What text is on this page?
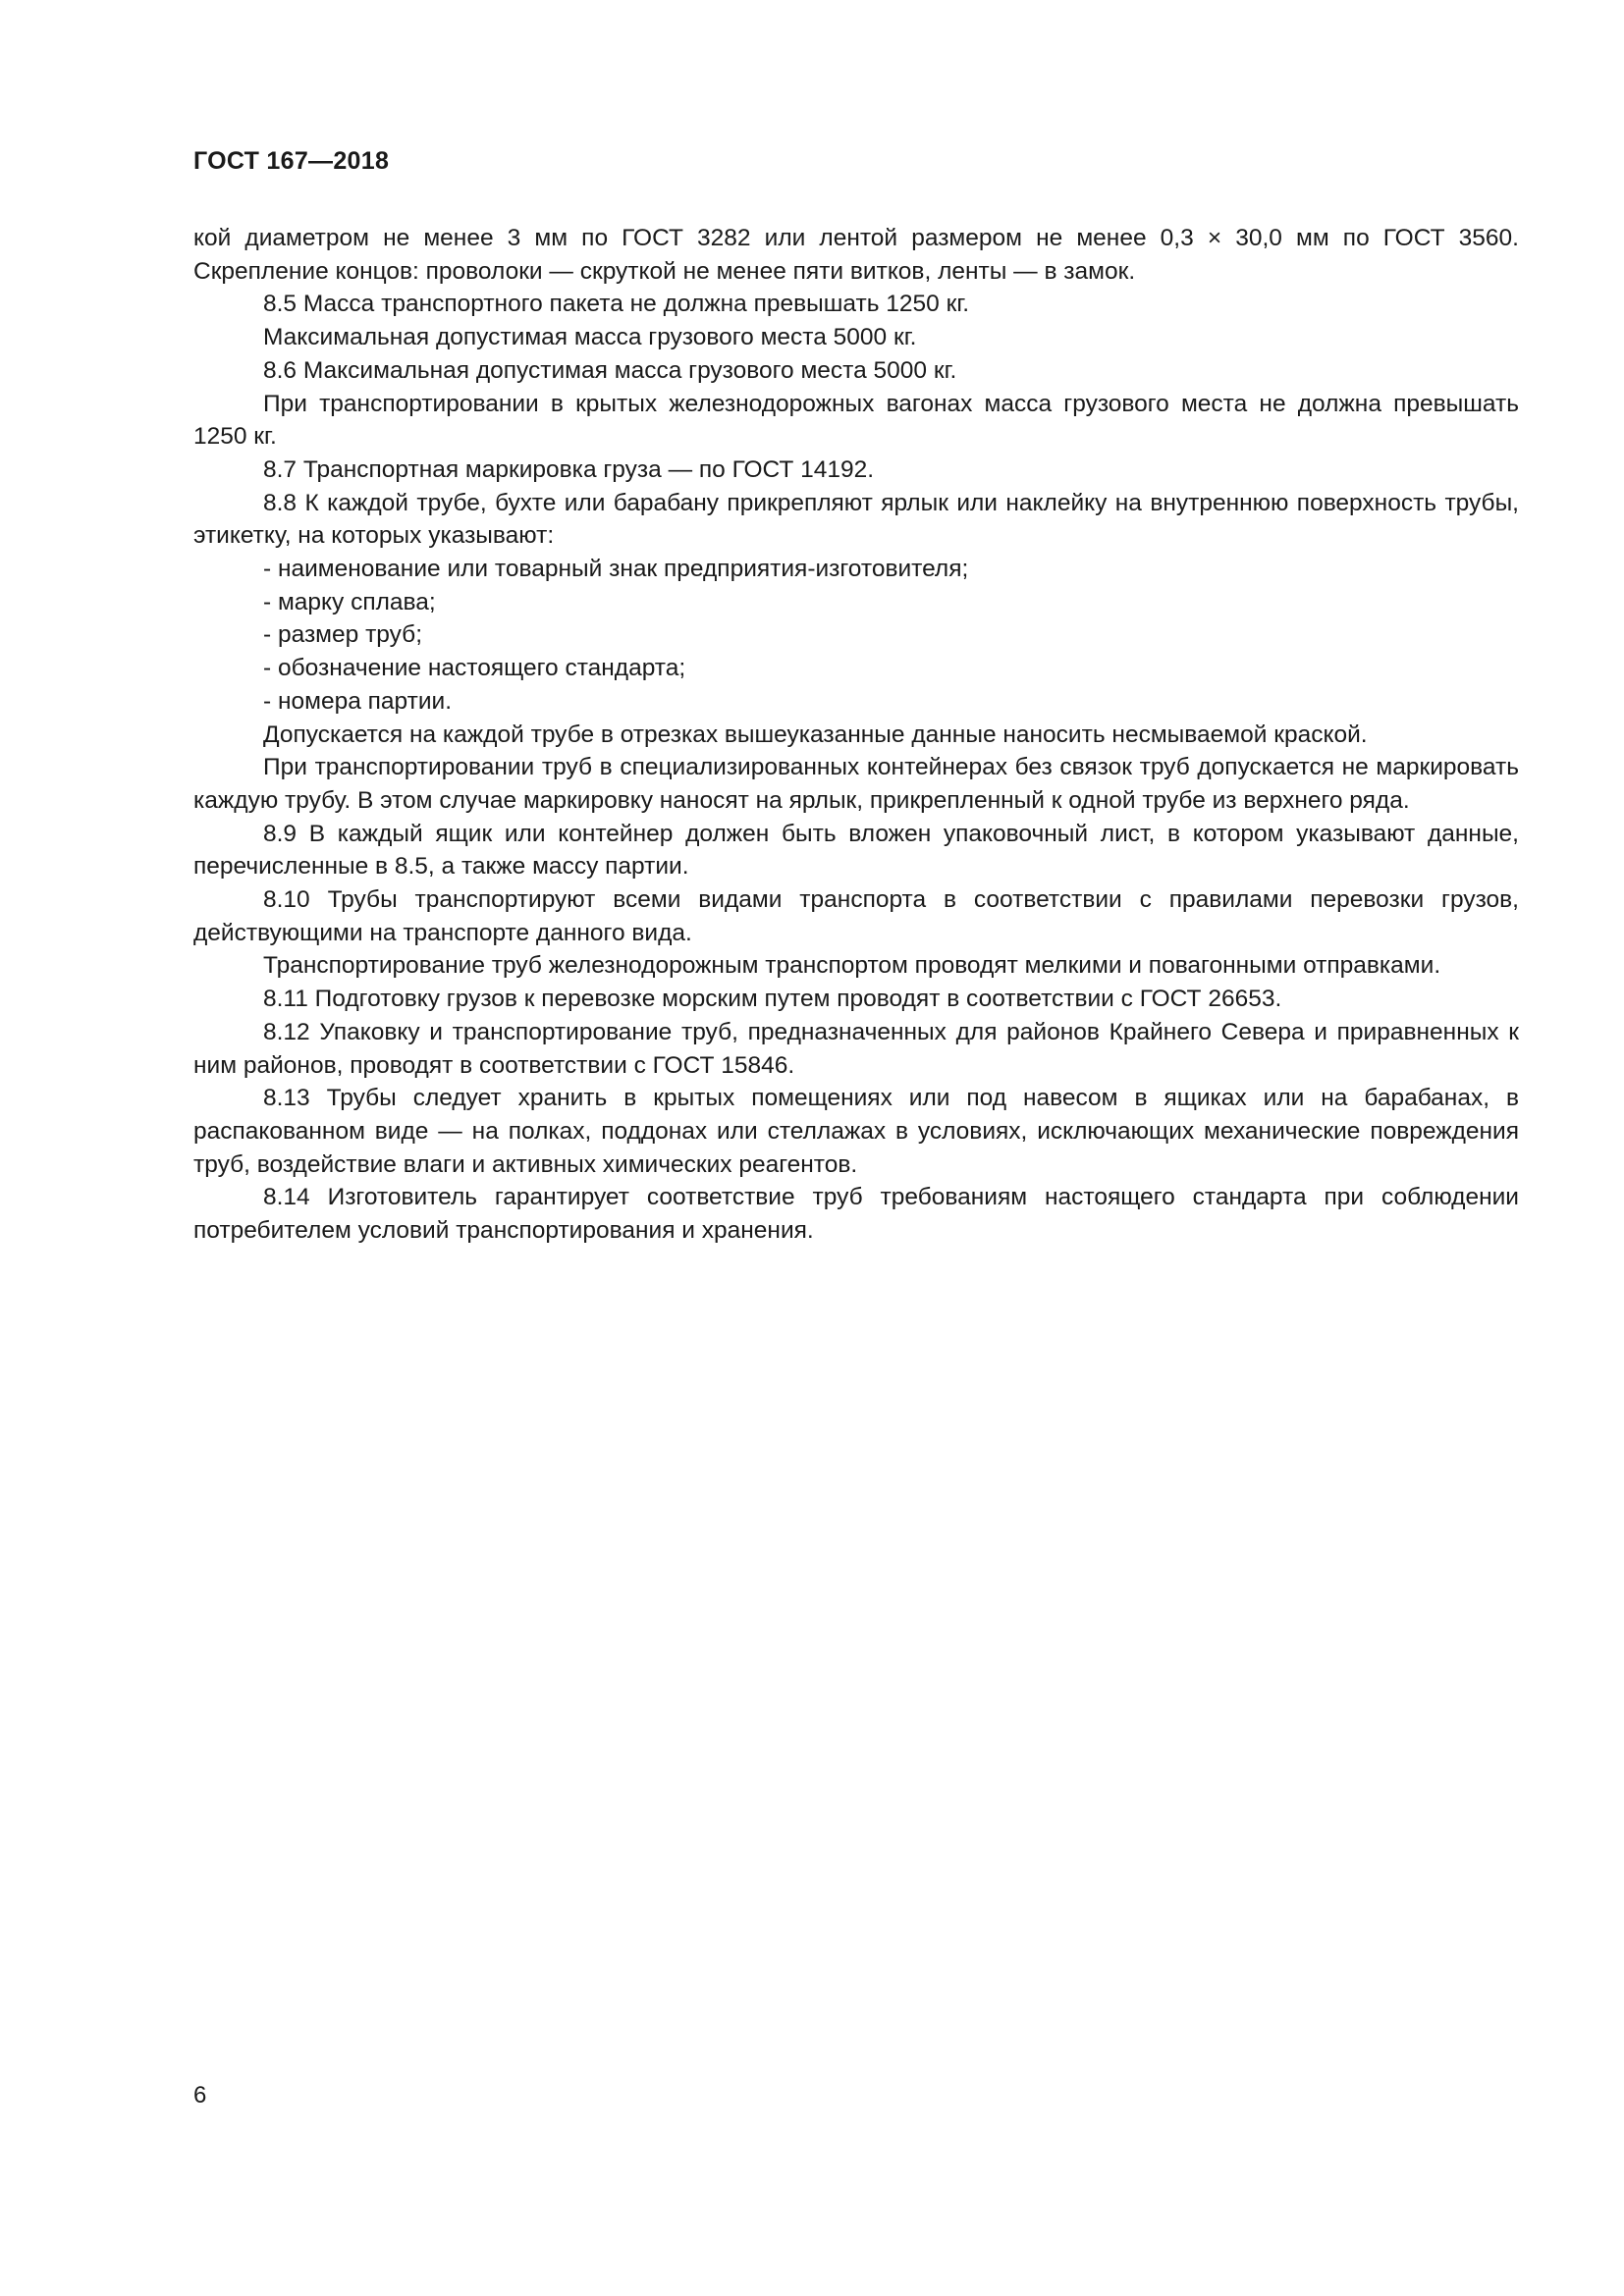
ГОСТ 167—2018

кой диаметром не менее 3 мм по ГОСТ 3282 или лентой размером не менее 0,3 × 30,0 мм по ГОСТ 3560.

Скрепление концов: проволоки — скруткой не менее пяти витков, ленты — в замок.

8.5 Масса транспортного пакета не должна превышать 1250 кг.

Максимальная допустимая масса грузового места 5000 кг.

8.6 Максимальная допустимая масса грузового места 5000 кг.

При транспортировании в крытых железнодорожных вагонах масса грузового места не должна превышать 1250 кг.

8.7 Транспортная маркировка груза — по ГОСТ 14192.

8.8 К каждой трубе, бухте или барабану прикрепляют ярлык или наклейку на внутреннюю поверхность трубы, этикетку, на которых указывают:

- наименование или товарный знак предприятия-изготовителя;

- марку сплава;

- размер труб;

- обозначение настоящего стандарта;

- номера партии.

Допускается на каждой трубе в отрезках вышеуказанные данные наносить несмываемой краской.

При транспортировании труб в специализированных контейнерах без связок труб допускается не маркировать каждую трубу. В этом случае маркировку наносят на ярлык, прикрепленный к одной трубе из верхнего ряда.

8.9 В каждый ящик или контейнер должен быть вложен упаковочный лист, в котором указывают данные, перечисленные в 8.5, а также массу партии.

8.10 Трубы транспортируют всеми видами транспорта в соответствии с правилами перевозки грузов, действующими на транспорте данного вида.

Транспортирование труб железнодорожным транспортом проводят мелкими и повагонными отправками.

8.11 Подготовку грузов к перевозке морским путем проводят в соответствии с ГОСТ 26653.

8.12 Упаковку и транспортирование труб, предназначенных для районов Крайнего Севера и приравненных к ним районов, проводят в соответствии с ГОСТ 15846.

8.13 Трубы следует хранить в крытых помещениях или под навесом в ящиках или на барабанах, в распакованном виде — на полках, поддонах или стеллажах в условиях, исключающих механические повреждения труб, воздействие влаги и активных химических реагентов.

8.14 Изготовитель гарантирует соответствие труб требованиям настоящего стандарта при соблюдении потребителем условий транспортирования и хранения.

6
